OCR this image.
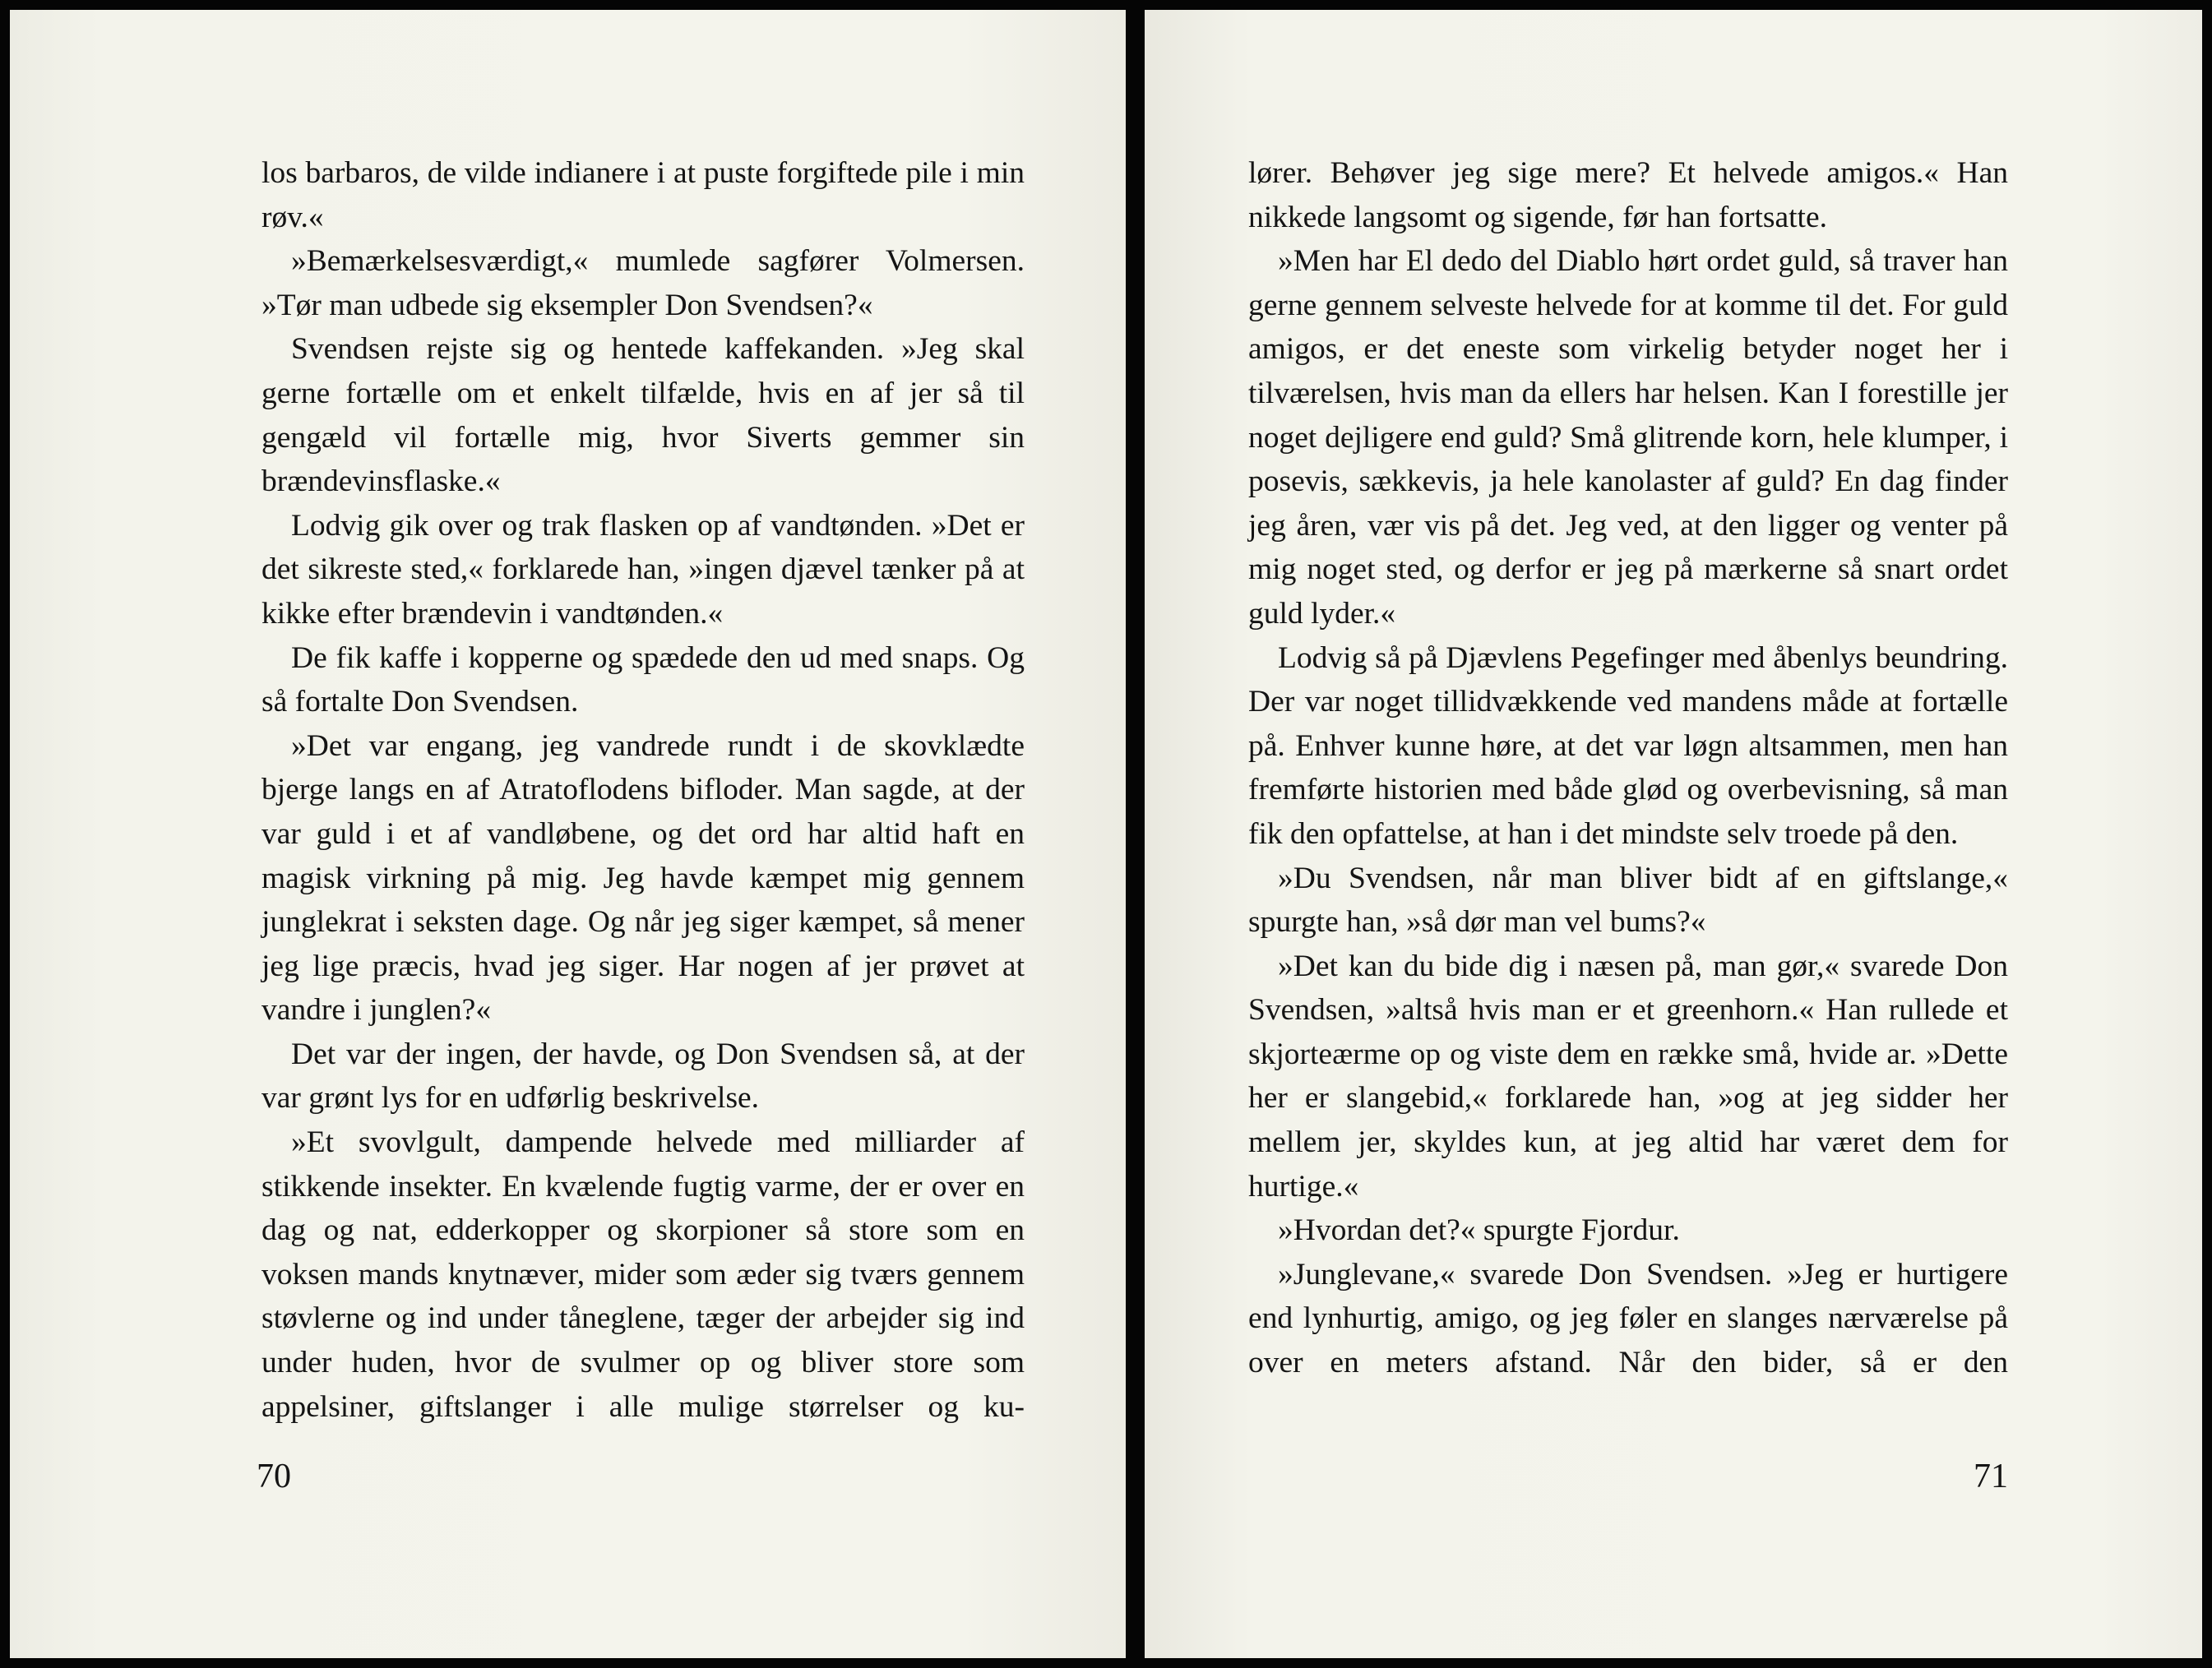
los barbaros, de vilde indianere i at puste forgiftede pile i min røv.«

»Bemærkelsesværdigt,« mumlede sagfører Volmersen. »Tør man udbede sig eksempler Don Svendsen?«

Svendsen rejste sig og hentede kaffekanden. »Jeg skal gerne fortælle om et enkelt tilfælde, hvis en af jer så til gengæld vil fortælle mig, hvor Siverts gemmer sin brændevinsflaske.«

Lodvig gik over og trak flasken op af vandtønden. »Det er det sikreste sted,« forklarede han, »ingen djævel tænker på at kikke efter brændevin i vandtønden.«

De fik kaffe i kopperne og spædede den ud med snaps. Og så fortalte Don Svendsen.

»Det var engang, jeg vandrede rundt i de skovklædte bjerge langs en af Atratoflodens bifloder. Man sagde, at der var guld i et af vandløbene, og det ord har altid haft en magisk virkning på mig. Jeg havde kæmpet mig gennem junglekrat i seksten dage. Og når jeg siger kæmpet, så mener jeg lige præcis, hvad jeg siger. Har nogen af jer prøvet at vandre i junglen?«

Det var der ingen, der havde, og Don Svendsen så, at der var grønt lys for en udførlig beskrivelse.

»Et svovlgult, dampende helvede med milliarder af stikkende insekter. En kvælende fugtig varme, der er over en dag og nat, edderkopper og skorpioner så store som en voksen mands knytnæver, mider som æder sig tværs gennem støvlerne og ind under tåneglene, tæger der arbejder sig ind under huden, hvor de svulmer op og bliver store som appelsiner, giftslanger i alle mulige størrelser og ku-

70

lører. Behøver jeg sige mere? Et helvede amigos.« Han nikkede langsomt og sigende, før han fortsatte.

»Men har El dedo del Diablo hørt ordet guld, så traver han gerne gennem selveste helvede for at komme til det. For guld amigos, er det eneste som virkelig betyder noget her i tilværelsen, hvis man da ellers har helsen. Kan I forestille jer noget dejligere end guld? Små glitrende korn, hele klumper, i posevis, sækkevis, ja hele kanolaster af guld? En dag finder jeg åren, vær vis på det. Jeg ved, at den ligger og venter på mig noget sted, og derfor er jeg på mærkerne så snart ordet guld lyder.«

Lodvig så på Djævlens Pegefinger med åbenlys beundring. Der var noget tillidvækkende ved mandens måde at fortælle på. Enhver kunne høre, at det var løgn altsammen, men han fremførte historien med både glød og overbevisning, så man fik den opfattelse, at han i det mindste selv troede på den.

»Du Svendsen, når man bliver bidt af en giftslange,« spurgte han, »så dør man vel bums?«

»Det kan du bide dig i næsen på, man gør,« svarede Don Svendsen, »altså hvis man er et greenhorn.« Han rullede et skjorteærme op og viste dem en række små, hvide ar. »Dette her er slangebid,« forklarede han, »og at jeg sidder her mellem jer, skyldes kun, at jeg altid har været dem for hurtige.«

»Hvordan det?« spurgte Fjordur.

»Junglevane,« svarede Don Svendsen. »Jeg er hurtigere end lynhurtig, amigo, og jeg føler en slanges nærværelse på over en meters afstand. Når den bider, så er den

71
